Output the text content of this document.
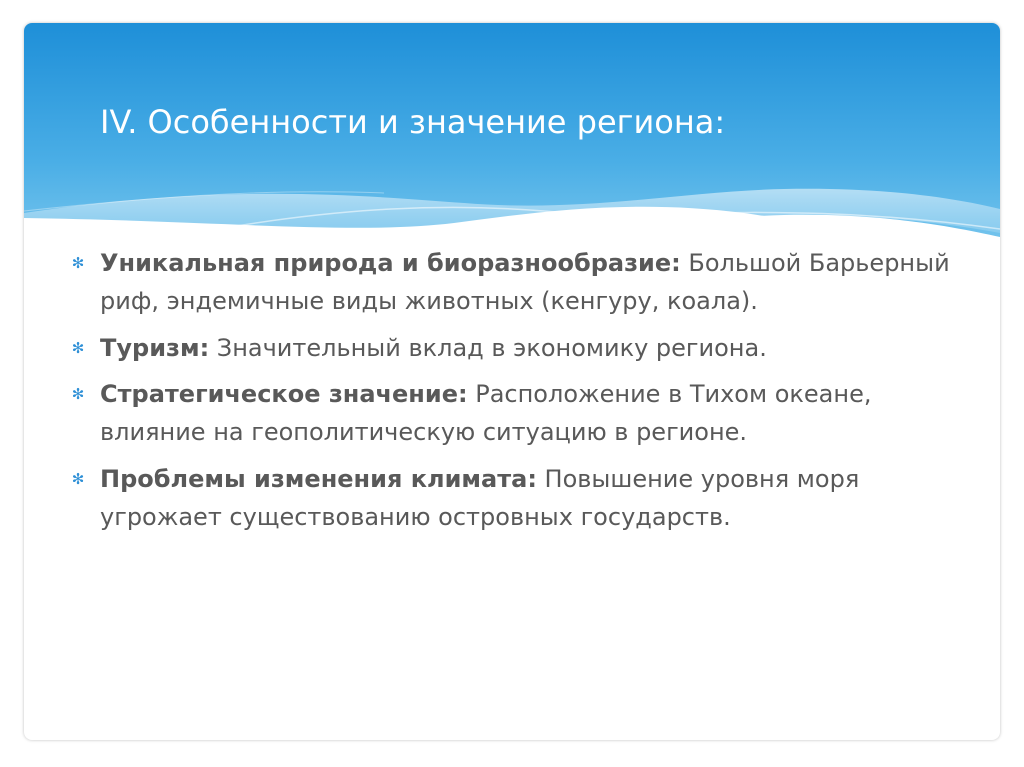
IV. Особенности и значение региона:
✻ Уникальная природа и биоразнообразие: Большой Барьерный риф, эндемичные виды животных (кенгуру, коала).
✻ Туризм: Значительный вклад в экономику региона.
✻ Стратегическое значение: Расположение в Тихом океане, влияние на геополитическую ситуацию в регионе.
✻ Проблемы изменения климата: Повышение уровня моря угрожает существованию островных государств.
